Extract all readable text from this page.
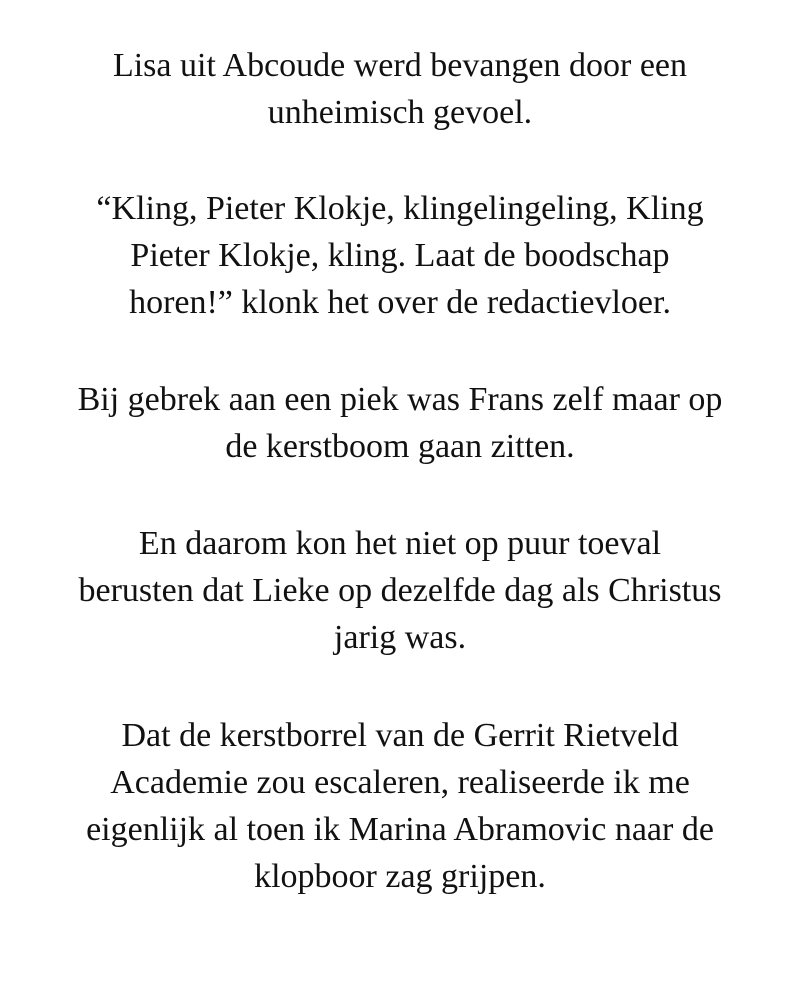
Lisa uit Abcoude werd bevangen door een
unheimisch gevoel.

“Kling, Pieter Klokje, klingelingeling, Kling
Pieter Klokje, kling. Laat de boodschap
horen!” klonk het over de redactievloer.

Bij gebrek aan een piek was Frans zelf maar op
de kerstboom gaan zitten.

En daarom kon het niet op puur toeval
berusten dat Lieke op dezelfde dag als Christus
jarig was.

Dat de kerstborrel van de Gerrit Rietveld
Academie zou escaleren, realiseerde ik me
eigenlijk al toen ik Marina Abramovic naar de
klopboor zag grijpen.
